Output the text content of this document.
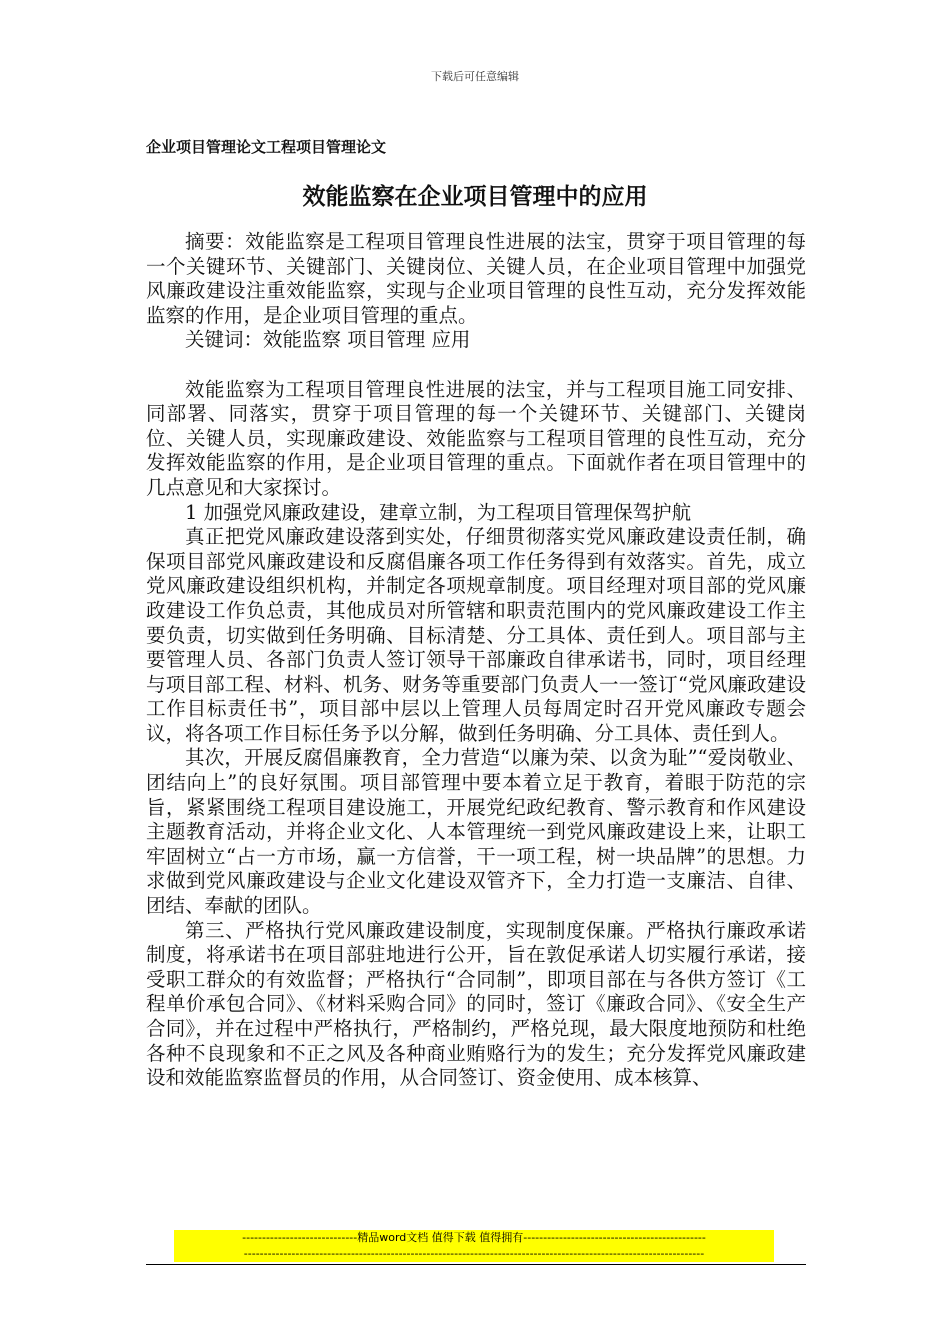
下载后可任意编辑
企业项目管理论文工程项目管理论文
效能监察在企业项目管理中的应用

摘要：效能监察是工程项目管理良性进展的法宝，贯穿于项目管理的每一个关键环节、关键部门、关键岗位、关键人员，在企业项目管理中加强党风廉政建设注重效能监察，实现与企业项目管理的良性互动，充分发挥效能监察的作用，是企业项目管理的重点。

关键词：效能监察 项目管理 应用

效能监察为工程项目管理良性进展的法宝，并与工程项目施工同安排、同部署、同落实，贯穿于项目管理的每一个关键环节、关键部门、关键岗位、关键人员，实现廉政建设、效能监察与工程项目管理的良性互动，充分发挥效能监察的作用，是企业项目管理的重点。下面就作者在项目管理中的几点意见和大家探讨。

1 加强党风廉政建设，建章立制，为工程项目管理保驾护航

真正把党风廉政建设落到实处，仔细贯彻落实党风廉政建设责任制，确保项目部党风廉政建设和反腐倡廉各项工作任务得到有效落实。首先，成立党风廉政建设组织机构，并制定各项规章制度。项目经理对项目部的党风廉政建设工作负总责，其他成员对所管辖和职责范围内的党风廉政建设工作主要负责，切实做到任务明确、目标清楚、分工具体、责任到人。项目部与主要管理人员、各部门负责人签订领导干部廉政自律承诺书，同时，项目经理与项目部工程、材料、机务、财务等重要部门负责人一一签订“党风廉政建设工作目标责任书”，项目部中层以上管理人员每周定时召开党风廉政专题会议，将各项工作目标任务予以分解，做到任务明确、分工具体、责任到人。

其次，开展反腐倡廉教育，全力营造“以廉为荣、以贪为耻”“爱岗敬业、团结向上”的良好氛围。项目部管理中要本着立足于教育，着眼于防范的宗旨，紧紧围绕工程项目建设施工，开展党纪政纪教育、警示教育和作风建设主题教育活动，并将企业文化、人本管理统一到党风廉政建设上来，让职工牢固树立“占一方市场，赢一方信誉，干一项工程，树一块品牌”的思想。力求做到党风廉政建设与企业文化建设双管齐下，全力打造一支廉洁、自律、团结、奉献的团队。

第三、严格执行党风廉政建设制度，实现制度保廉。严格执行廉政承诺制度，将承诺书在项目部驻地进行公开，旨在敦促承诺人切实履行承诺，接受职工群众的有效监督；严格执行“合同制”，即项目部在与各供方签订《工程单价承包合同》、《材料采购合同》的同时，签订《廉政合同》、《安全生产合同》，并在过程中严格执行，严格制约，严格兑现，最大限度地预防和杜绝各种不良现象和不正之风及各种商业贿赂行为的发生；充分发挥党风廉政建设和效能监察监督员的作用，从合同签订、资金使用、成本核算、

-----------------------------精品word文档 值得下载 值得拥有----------------------------------------------
--------------------------------------------------------------------------------------------------------------------
